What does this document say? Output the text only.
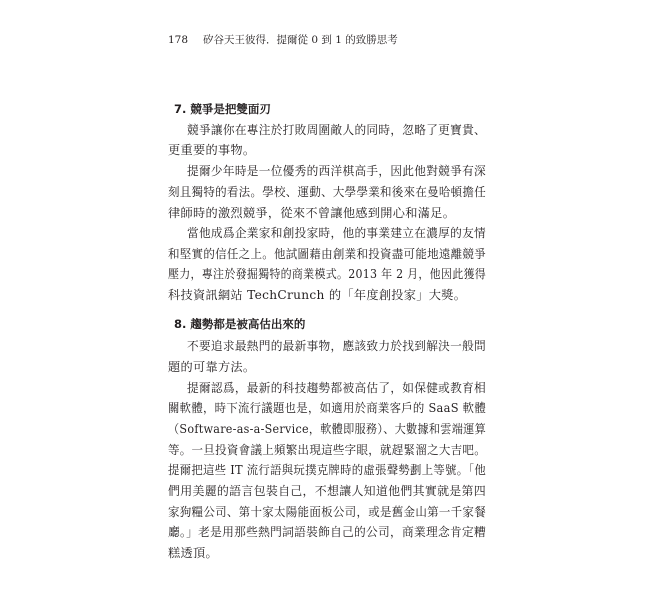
178 矽谷天王彼得．提爾從 0 到 1 的致勝思考
7. 競爭是把雙面刃
競爭讓你在專注於打敗周圍敵人的同時，忽略了更寶貴、
更重要的事物。
提爾少年時是一位優秀的西洋棋高手，因此他對競爭有深
刻且獨特的看法。學校、運動、大學學業和後來在曼哈頓擔任
律師時的激烈競爭，從來不曾讓他感到開心和滿足。
當他成爲企業家和創投家時，他的事業建立在濃厚的友情
和堅實的信任之上。他試圖藉由創業和投資盡可能地遠離競爭
壓力，專注於發掘獨特的商業模式。2013 年 2 月，他因此獲得
科技資訊網站 TechCrunch 的「年度創投家」大獎。
8. 趨勢都是被高估出來的
不要追求最熱門的最新事物，應該致力於找到解決一般問
題的可靠方法。
提爾認爲，最新的科技趨勢都被高估了，如保健或教育相
關軟體，時下流行議題也是，如適用於商業客戶的 SaaS 軟體
（Software-as-a-Service，軟體即服務）、大數據和雲端運算
等。一旦投資會議上頻繁出現這些字眼，就趕緊溜之大吉吧。
提爾把這些 IT 流行語與玩撲克牌時的虛張聲勢劃上等號。「他
們用美麗的語言包裝自己，不想讓人知道他們其實就是第四
家狗糧公司、第十家太陽能面板公司，或是舊金山第一千家餐
廳。」老是用那些熱門詞語裝飾自己的公司，商業理念肯定糟
糕透頂。
